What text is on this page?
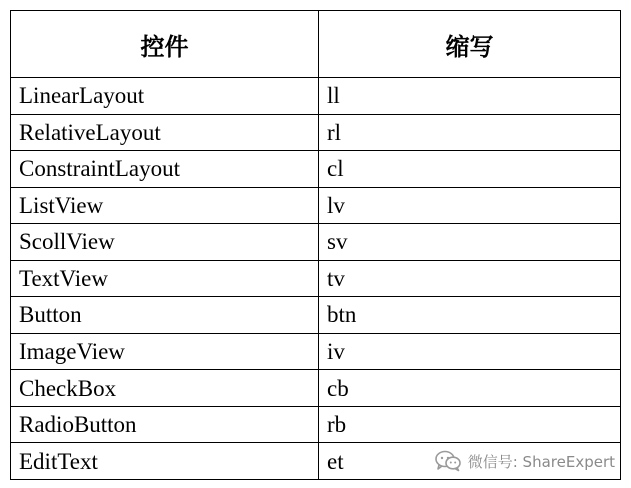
控件	缩写
LinearLayout	ll
RelativeLayout	rl
ConstraintLayout	cl
ListView	lv
ScollView	sv
TextView	tv
Button	btn
ImageView	iv
CheckBox	cb
RadioButton	rb
EditText	et	微信号: ShareExpert
